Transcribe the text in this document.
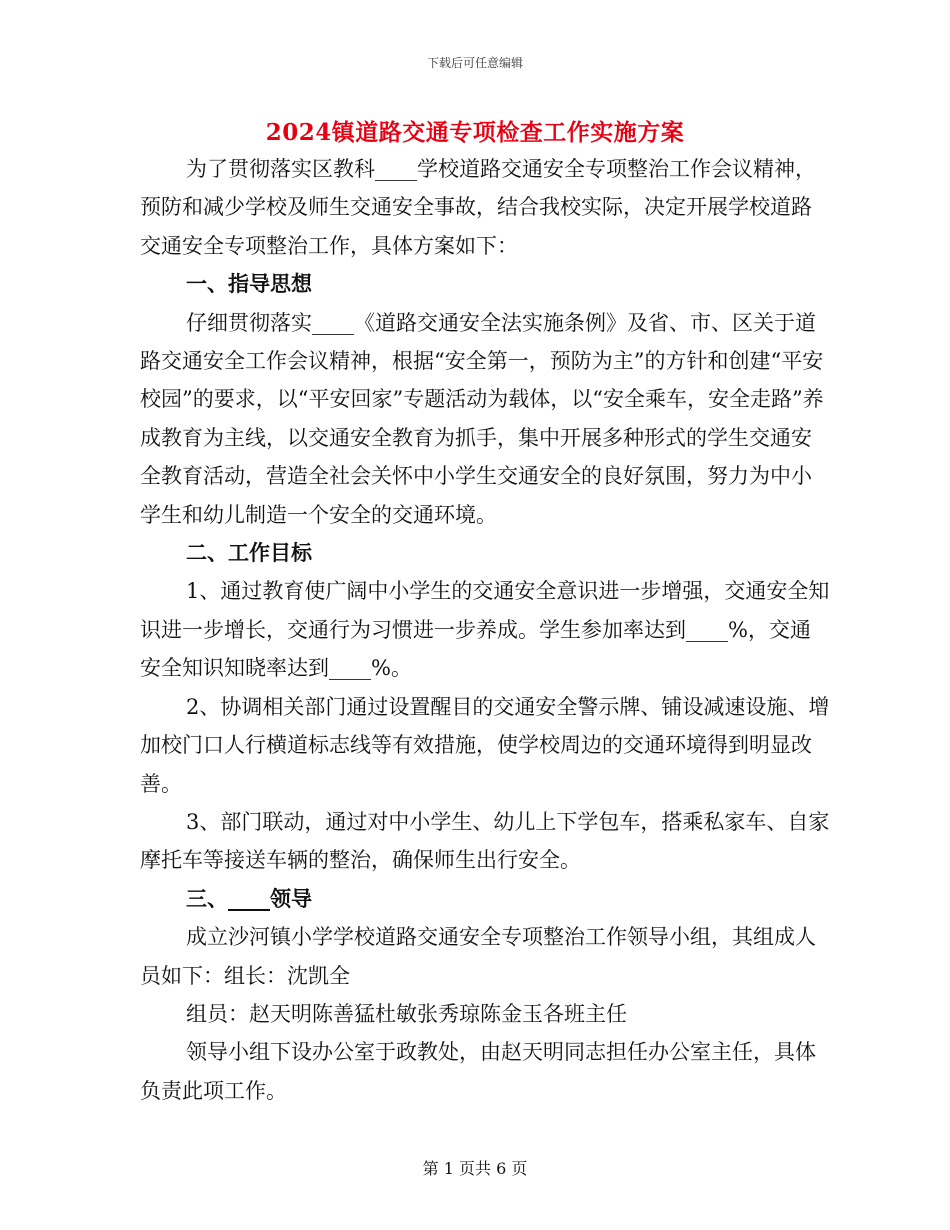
下载后可任意编辑
2024镇道路交通专项检查工作实施方案

为了贯彻落实区教科____学校道路交通安全专项整治工作会议精神，预防和减少学校及师生交通安全事故，结合我校实际，决定开展学校道路交通安全专项整治工作，具体方案如下：

一、指导思想

仔细贯彻落实____《道路交通安全法实施条例》及省、市、区关于道路交通安全工作会议精神，根据“安全第一，预防为主”的方针和创建“平安校园”的要求，以“平安回家”专题活动为载体，以“安全乘车，安全走路”养成教育为主线，以交通安全教育为抓手，集中开展多种形式的学生交通安全教育活动，营造全社会关怀中小学生交通安全的良好氛围，努力为中小学生和幼儿制造一个安全的交通环境。

二、工作目标

1、通过教育使广阔中小学生的交通安全意识进一步增强，交通安全知识进一步增长，交通行为习惯进一步养成。学生参加率达到____%，交通安全知识知晓率达到____%。

2、协调相关部门通过设置醒目的交通安全警示牌、铺设减速设施、增加校门口人行横道标志线等有效措施，使学校周边的交通环境得到明显改善。

3、部门联动，通过对中小学生、幼儿上下学包车，搭乘私家车、自家摩托车等接送车辆的整治，确保师生出行安全。

三、____领导

成立沙河镇小学学校道路交通安全专项整治工作领导小组，其组成人员如下：组长：沈凯全

组员：赵天明陈善猛杜敏张秀琼陈金玉各班主任

领导小组下设办公室于政教处，由赵天明同志担任办公室主任，具体负责此项工作。

第 1 页共 6 页
